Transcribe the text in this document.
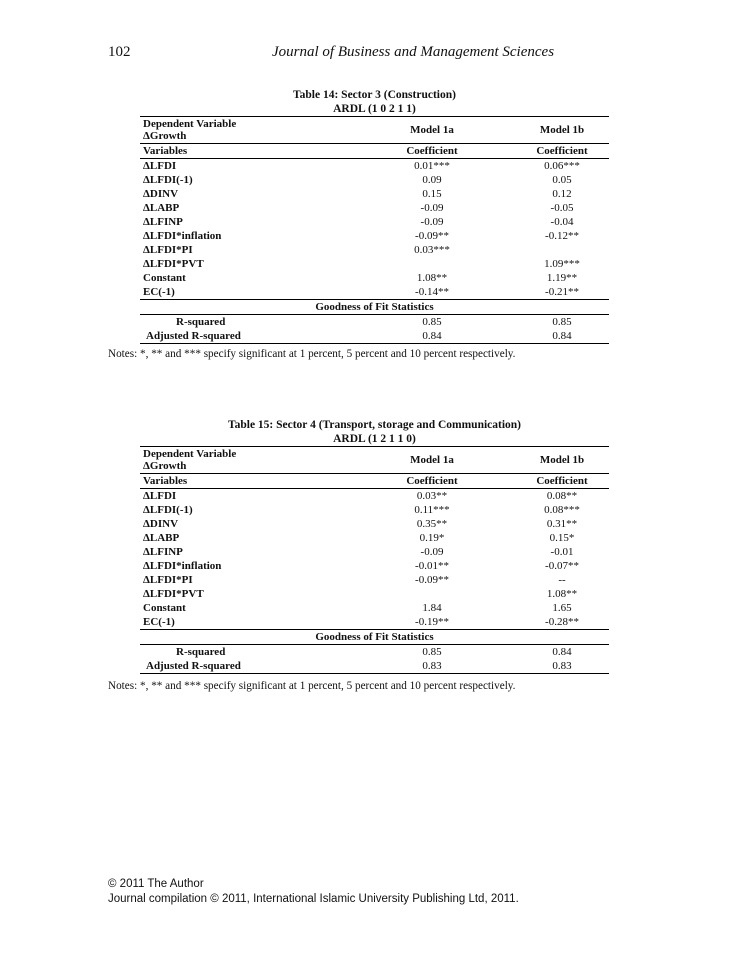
102	Journal of Business and Management Sciences
Table 14: Sector 3 (Construction)
ARDL (1 0 2 1 1)
Dependent Variable
ΔGrowth	Model 1a	Model 1b
Variables	Coefficient	Coefficient
ΔLFDI	0.01***	0.06***
ΔLFDI(-1)	0.09	0.05
ΔDINV	0.15	0.12
ΔLABP	-0.09	-0.05
ΔLFINP	-0.09	-0.04
ΔLFDI*inflation	-0.09**	-0.12**
ΔLFDI*PI	0.03***	
ΔLFDI*PVT		1.09***
Constant	1.08**	1.19**
EC(-1)	-0.14**	-0.21**
Goodness of Fit Statistics		
R-squared	0.85	0.85
Adjusted R-squared	0.84	0.84
Notes: *, ** and *** specify significant at 1 percent, 5 percent and 10 percent respectively.
Table 15: Sector 4 (Transport, storage and Communication)
ARDL (1 2 1 1 0)
Dependent Variable
ΔGrowth	Model 1a	Model 1b
Variables	Coefficient	Coefficient
ΔLFDI	0.03**	0.08**
ΔLFDI(-1)	0.11***	0.08***
ΔDINV	0.35**	0.31**
ΔLABP	0.19*	0.15*
ΔLFINP	-0.09	-0.01
ΔLFDI*inflation	-0.01**	-0.07**
ΔLFDI*PI	-0.09**	--
ΔLFDI*PVT		1.08**
Constant	1.84	1.65
EC(-1)	-0.19**	-0.28**
Goodness of Fit Statistics		
R-squared	0.85	0.84
Adjusted R-squared	0.83	0.83
Notes: *, ** and *** specify significant at 1 percent, 5 percent and 10 percent respectively.
© 2011 The Author
Journal compilation © 2011, International Islamic University Publishing Ltd, 2011.
